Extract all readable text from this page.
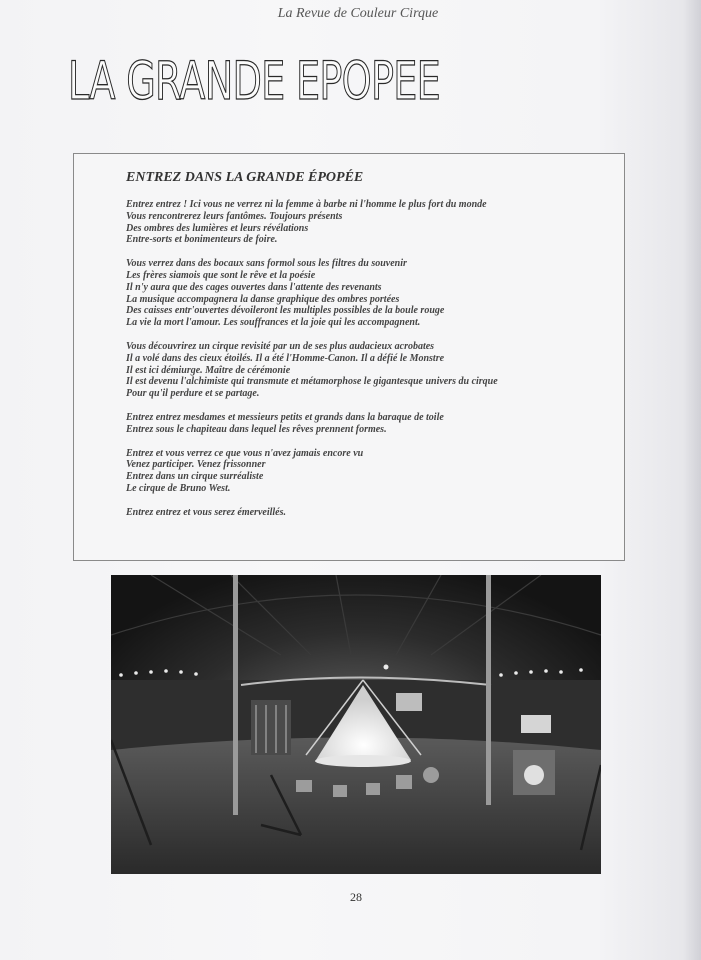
La Revue de Couleur Cirque
LA GRANDE EPOPEE
ENTREZ DANS LA GRANDE ÉPOPÉE

Entrez entrez ! Ici vous ne verrez ni la femme à barbe ni l'homme le plus fort du monde
Vous rencontrerez leurs fantômes. Toujours présents
Des ombres des lumières et leurs révélations
Entre-sorts et bonimenteurs de foire.

Vous verrez dans des bocaux sans formol sous les filtres du souvenir
Les frères siamois que sont le rêve et la poésie
Il n'y aura que des cages ouvertes dans l'attente des revenants
La musique accompagnera la danse graphique des ombres portées
Des caisses entr'ouvertes dévoileront les multiples possibles de la boule rouge
La vie la mort l'amour. Les souffrances et la joie qui les accompagnent.

Vous découvrirez un cirque revisité par un de ses plus audacieux acrobates
Il a volé dans des cieux étoilés. Il a été l'Homme-Canon. Il a défié le Monstre
Il est ici démiurge. Maître de cérémonie
Il est devenu l'alchimiste qui transmute et métamorphose le gigantesque univers du cirque
Pour qu'il perdure et se partage.

Entrez entrez mesdames et messieurs petits et grands dans la baraque de toile
Entrez sous le chapiteau dans lequel les rêves prennent formes.

Entrez et vous verrez ce que vous n'avez jamais encore vu
Venez participer. Venez frissonner
Entrez dans un cirque surréaliste
Le cirque de Bruno West.

Entrez entrez et vous serez émerveillés.

28
